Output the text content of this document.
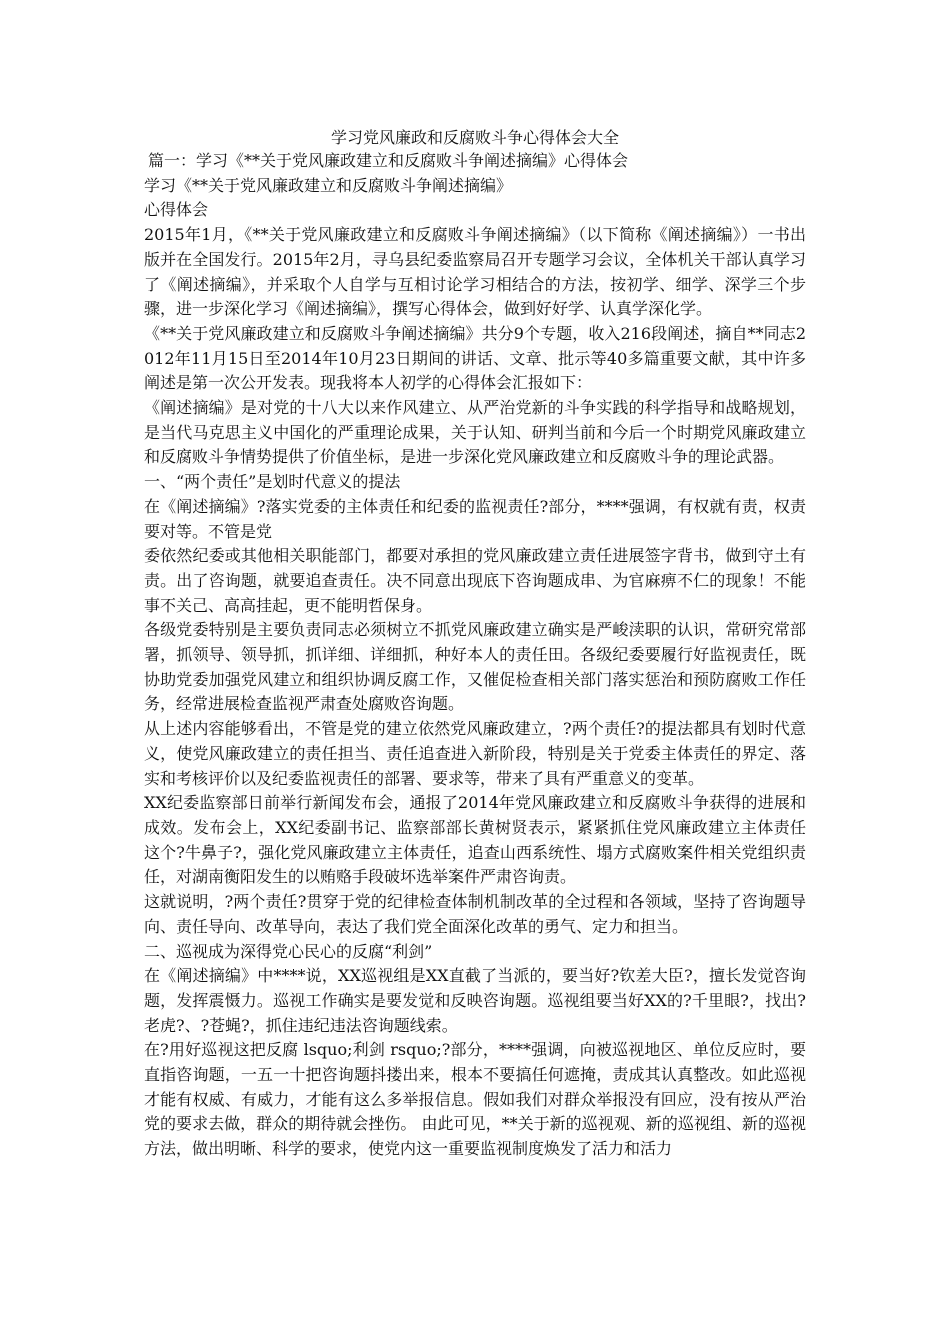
学习党风廉政和反腐败斗争心得体会大全

篇一：学习《**关于党风廉政建立和反腐败斗争阐述摘编》心得体会

学习《**关于党风廉政建立和反腐败斗争阐述摘编》

心得体会

2015年1月，《**关于党风廉政建立和反腐败斗争阐述摘编》（以下简称《阐述摘编》）一书出版并在全国发行。2015年2月，寻乌县纪委监察局召开专题学习会议，全体机关干部认真学习了《阐述摘编》，并采取个人自学与互相讨论学习相结合的方法，按初学、细学、深学三个步骤，进一步深化学习《阐述摘编》，撰写心得体会，做到好好学、认真学深化学。

《**关于党风廉政建立和反腐败斗争阐述摘编》共分9个专题，收入216段阐述，摘自**同志2012年11月15日至2014年10月23日期间的讲话、文章、批示等40多篇重要文献，其中许多阐述是第一次公开发表。现我将本人初学的心得体会汇报如下：

《阐述摘编》是对党的十八大以来作风建立、从严治党新的斗争实践的科学指导和战略规划，是当代马克思主义中国化的严重理论成果，关于认知、研判当前和今后一个时期党风廉政建立和反腐败斗争情势提供了价值坐标，是进一步深化党风廉政建立和反腐败斗争的理论武器。

一、“两个责任”是划时代意义的提法

在《阐述摘编》?落实党委的主体责任和纪委的监视责任?部分，****强调，有权就有责，权责要对等。不管是党

委依然纪委或其他相关职能部门，都要对承担的党风廉政建立责任进展签字背书，做到守土有责。出了咨询题，就要追查责任。决不同意出现底下咨询题成串、为官麻痹不仁的现象！不能事不关己、高高挂起，更不能明哲保身。

各级党委特别是主要负责同志必须树立不抓党风廉政建立确实是严峻渎职的认识，常研究常部署，抓领导、领导抓，抓详细、详细抓，种好本人的责任田。各级纪委要履行好监视责任，既协助党委加强党风建立和组织协调反腐工作，又催促检查相关部门落实惩治和预防腐败工作任务，经常进展检查监视严肃查处腐败咨询题。

从上述内容能够看出，不管是党的建立依然党风廉政建立，?两个责任?的提法都具有划时代意义，使党风廉政建立的责任担当、责任追查进入新阶段，特别是关于党委主体责任的界定、落实和考核评价以及纪委监视责任的部署、要求等，带来了具有严重意义的变革。

XX纪委监察部日前举行新闻发布会，通报了2014年党风廉政建立和反腐败斗争获得的进展和成效。发布会上，XX纪委副书记、监察部部长黄树贤表示，紧紧抓住党风廉政建立主体责任这个?牛鼻子?，强化党风廉政建立主体责任，追查山西系统性、塌方式腐败案件相关党组织责任，对湖南衡阳发生的以贿赂手段破坏选举案件严肃咨询责。

这就说明，?两个责任?贯穿于党的纪律检查体制机制改革的全过程和各领域，坚持了咨询题导向、责任导向、改革导向，表达了我们党全面深化改革的勇气、定力和担当。

二、巡视成为深得党心民心的反腐“利剑”

在《阐述摘编》中****说，XX巡视组是XX直截了当派的，要当好?钦差大臣?，擅长发觉咨询题，发挥震慑力。巡视工作确实是要发觉和反映咨询题。巡视组要当好XX的?千里眼?，找出?老虎?、?苍蝇?，抓住违纪违法咨询题线索。

在?用好巡视这把反腐 lsquo;利剑 rsquo;?部分，****强调，向被巡视地区、单位反应时，要直指咨询题，一五一十把咨询题抖搂出来，根本不要搞任何遮掩，责成其认真整改。如此巡视才能有权威、有威力，才能有这么多举报信息。假如我们对群众举报没有回应，没有按从严治党的要求去做，群众的期待就会挫伤。 由此可见，**关于新的巡视观、新的巡视组、新的巡视方法，做出明晰、科学的要求，使党内这一重要监视制度焕发了活力和活力
